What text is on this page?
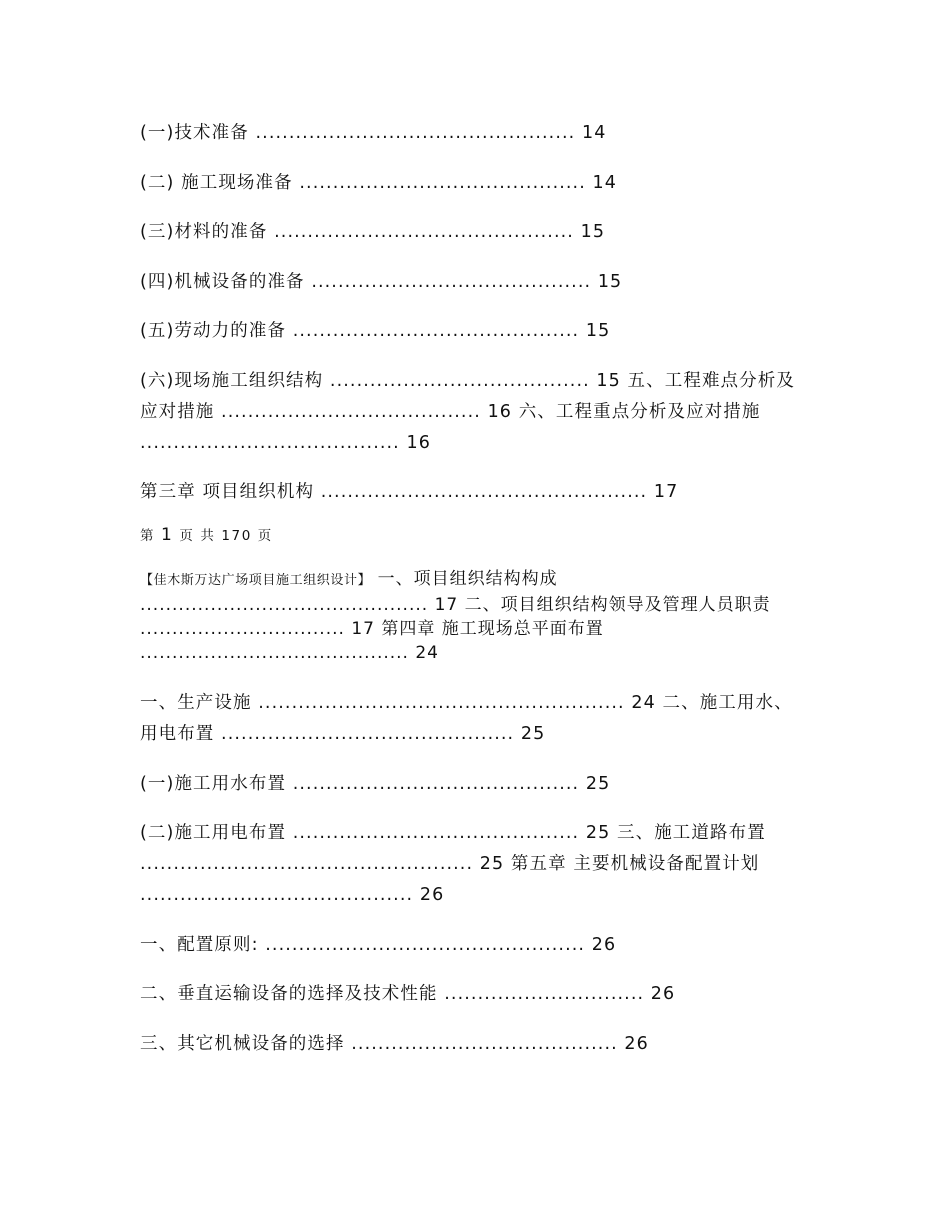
(一)技术准备 ................................................ 14

(二) 施工现场准备 ........................................... 14

(三)材料的准备 ............................................. 15

(四)机械设备的准备 .......................................... 15

(五)劳动力的准备 ........................................... 15

(六)现场施工组织结构 ....................................... 15 五、工程难点分析及应对措施 ....................................... 16 六、工程重点分析及应对措施 ....................................... 16

第三章 项目组织机构 ................................................. 17

第 1 页 共 170 页
【佳木斯万达广场项目施工组织设计】 一、项目组织结构构成 ............................................. 17 二、项目组织结构领导及管理人员职责 ................................ 17 第四章 施工现场总平面布置 .......................................... 24

一、生产设施 ....................................................... 24 二、施工用水、用电布置 ............................................ 25

(一)施工用水布置 ........................................... 25

(二)施工用电布置 ........................................... 25 三、施工道路布置 .................................................. 25 第五章 主要机械设备配置计划 ......................................... 26

一、配置原则: ................................................ 26

二、垂直运输设备的选择及技术性能 .............................. 26

三、其它机械设备的选择 ........................................ 26
